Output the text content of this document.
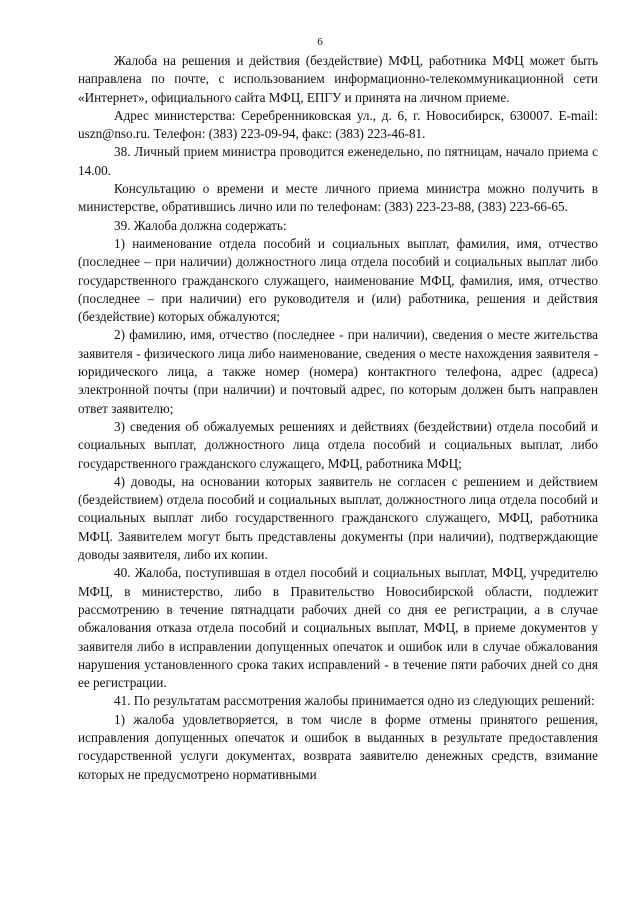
6

Жалоба на решения и действия (бездействие) МФЦ, работника МФЦ может быть направлена по почте, с использованием информационно-телекоммуникационной сети «Интернет», официального сайта МФЦ, ЕПГУ и принята на личном приеме.

Адрес министерства: Серебренниковская ул., д. 6, г. Новосибирск, 630007. E-mail: uszn@nso.ru. Телефон: (383) 223-09-94, факс: (383) 223-46-81.

38. Личный прием министра проводится еженедельно, по пятницам, начало приема с 14.00.

Консультацию о времени и месте личного приема министра можно получить в министерстве, обратившись лично или по телефонам: (383) 223-23-88, (383) 223-66-65.

39. Жалоба должна содержать:

1) наименование отдела пособий и социальных выплат, фамилия, имя, отчество (последнее – при наличии) должностного лица отдела пособий и социальных выплат либо государственного гражданского служащего, наименование МФЦ, фамилия, имя, отчество (последнее – при наличии) его руководителя и (или) работника, решения и действия (бездействие) которых обжалуются;

2) фамилию, имя, отчество (последнее - при наличии), сведения о месте жительства заявителя - физического лица либо наименование, сведения о месте нахождения заявителя - юридического лица, а также номер (номера) контактного телефона, адрес (адреса) электронной почты (при наличии) и почтовый адрес, по которым должен быть направлен ответ заявителю;

3) сведения об обжалуемых решениях и действиях (бездействии) отдела пособий и социальных выплат, должностного лица отдела пособий и социальных выплат, либо государственного гражданского служащего, МФЦ, работника МФЦ;

4) доводы, на основании которых заявитель не согласен с решением и действием (бездействием) отдела пособий и социальных выплат, должностного лица отдела пособий и социальных выплат либо государственного гражданского служащего, МФЦ, работника МФЦ. Заявителем могут быть представлены документы (при наличии), подтверждающие доводы заявителя, либо их копии.

40. Жалоба, поступившая в отдел пособий и социальных выплат, МФЦ, учредителю МФЦ, в министерство, либо в Правительство Новосибирской области, подлежит рассмотрению в течение пятнадцати рабочих дней со дня ее регистрации, а в случае обжалования отказа отдела пособий и социальных выплат, МФЦ, в приеме документов у заявителя либо в исправлении допущенных опечаток и ошибок или в случае обжалования нарушения установленного срока таких исправлений - в течение пяти рабочих дней со дня ее регистрации.

41. По результатам рассмотрения жалобы принимается одно из следующих решений:

1) жалоба удовлетворяется, в том числе в форме отмены принятого решения, исправления допущенных опечаток и ошибок в выданных в результате предоставления государственной услуги документах, возврата заявителю денежных средств, взимание которых не предусмотрено нормативными
